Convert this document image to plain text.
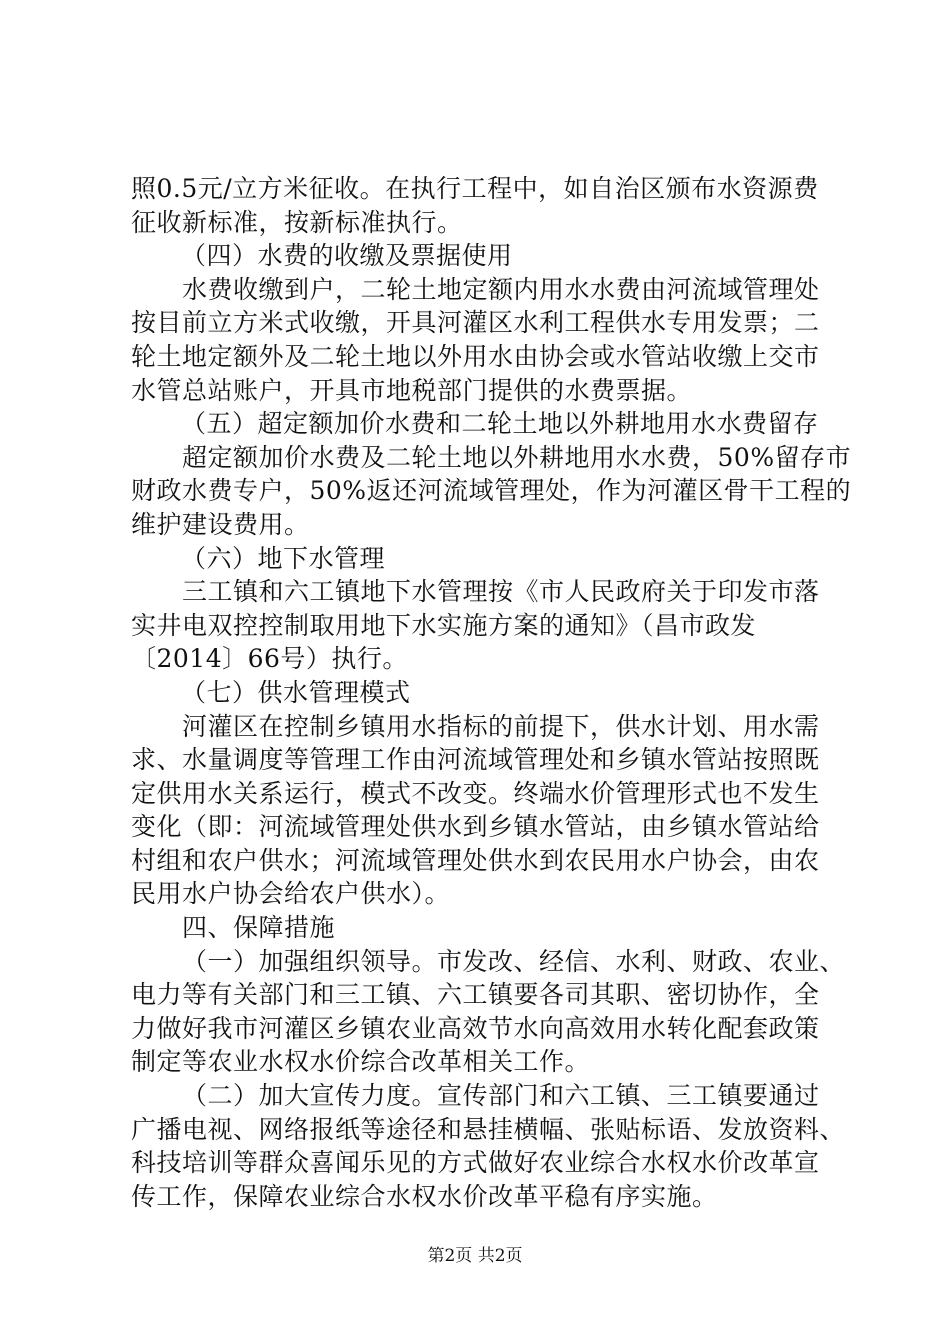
照0.5元/立方米征收。在执行工程中，如自治区颁布水资源费
征收新标准，按新标准执行。
（四）水费的收缴及票据使用
水费收缴到户，二轮土地定额内用水水费由河流域管理处
按目前立方米式收缴，开具河灌区水利工程供水专用发票；二
轮土地定额外及二轮土地以外用水由协会或水管站收缴上交市
水管总站账户，开具市地税部门提供的水费票据。
（五）超定额加价水费和二轮土地以外耕地用水水费留存
超定额加价水费及二轮土地以外耕地用水水费，50%留存市
财政水费专户，50%返还河流域管理处，作为河灌区骨干工程的
维护建设费用。
（六）地下水管理
三工镇和六工镇地下水管理按《市人民政府关于印发市落
实井电双控控制取用地下水实施方案的通知》（昌市政发
〔2014〕66号）执行。
（七）供水管理模式
河灌区在控制乡镇用水指标的前提下，供水计划、用水需
求、水量调度等管理工作由河流域管理处和乡镇水管站按照既
定供用水关系运行，模式不改变。终端水价管理形式也不发生
变化（即：河流域管理处供水到乡镇水管站，由乡镇水管站给
村组和农户供水；河流域管理处供水到农民用水户协会，由农
民用水户协会给农户供水）。
四、保障措施
（一）加强组织领导。市发改、经信、水利、财政、农业、
电力等有关部门和三工镇、六工镇要各司其职、密切协作，全
力做好我市河灌区乡镇农业高效节水向高效用水转化配套政策
制定等农业水权水价综合改革相关工作。
（二）加大宣传力度。宣传部门和六工镇、三工镇要通过
广播电视、网络报纸等途径和悬挂横幅、张贴标语、发放资料、
科技培训等群众喜闻乐见的方式做好农业综合水权水价改革宣
传工作，保障农业综合水权水价改革平稳有序实施。
第2页 共2页
